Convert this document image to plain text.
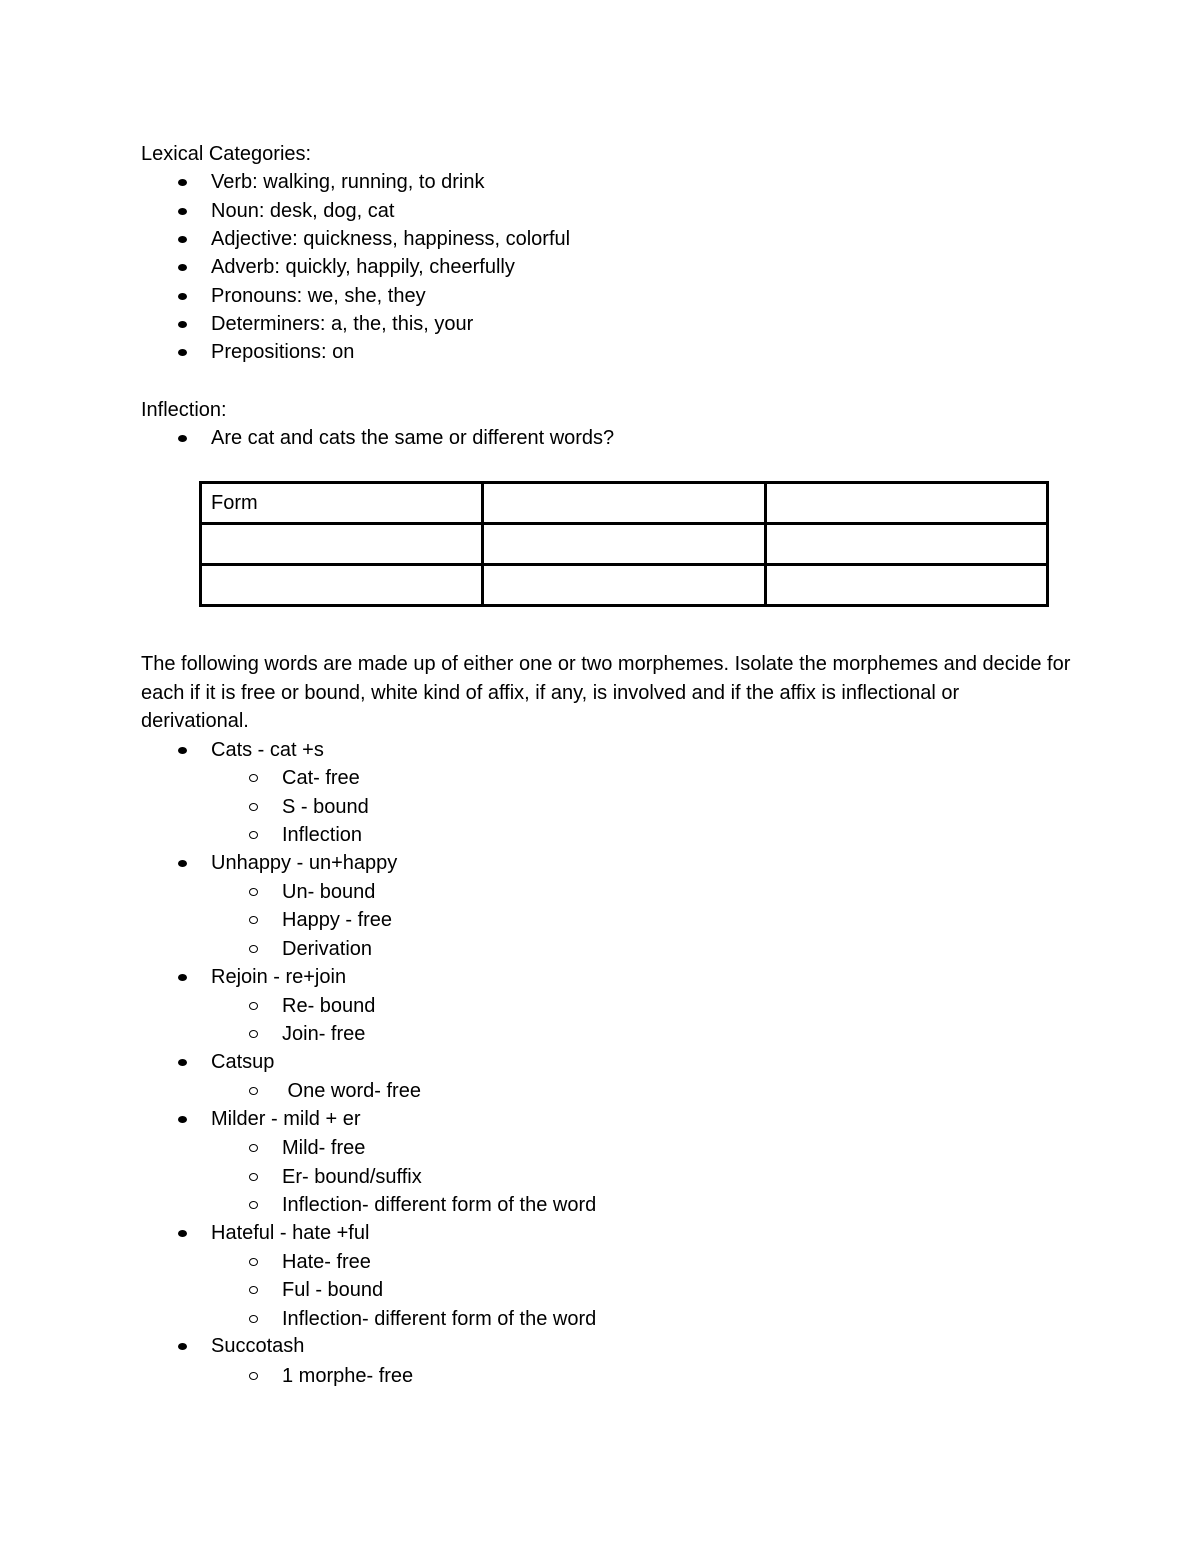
Lexical Categories:
Verb: walking, running, to drink
Noun: desk, dog, cat
Adjective: quickness, happiness, colorful
Adverb: quickly, happily, cheerfully
Pronouns: we, she, they
Determiners: a, the, this, your
Prepositions: on
Inflection:
Are cat and cats the same or different words?
Form		

The following words are made up of either one or two morphemes. Isolate the morphemes and decide for each if it is free or bound, white kind of affix, if any, is involved and if the affix is inflectional or derivational.
Cats - cat +s
Cat- free
S - bound
Inflection
Unhappy - un+happy
Un- bound
Happy - free
Derivation
Rejoin - re+join
Re- bound
Join- free
Catsup
One word- free
Milder - mild + er
Mild- free
Er- bound/suffix
Inflection- different form of the word
Hateful - hate +ful
Hate- free
Ful - bound
Inflection- different form of the word
Succotash
1 morphe- free
